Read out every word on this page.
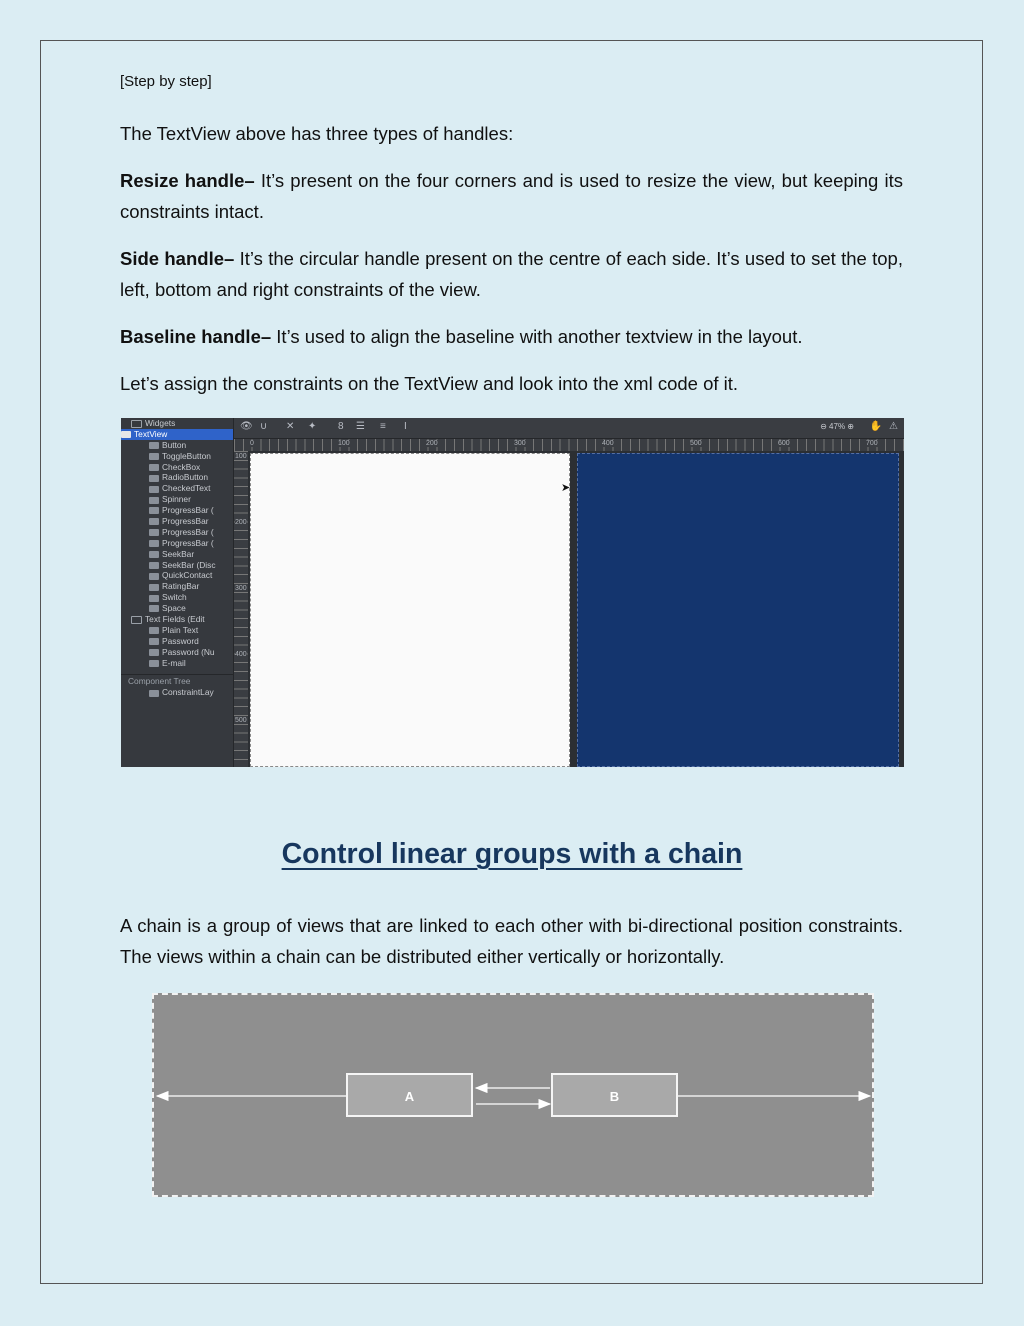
[Step by step]

The TextView above has three types of handles:

Resize handle– It’s present on the four corners and is used to resize the view, but keeping its constraints intact.

Side handle– It’s the circular handle present on the centre of each side. It’s used to set the top, left, bottom and right constraints of the view.

Baseline handle– It’s used to align the baseline with another textview in the layout.

Let’s assign the constraints on the TextView and look into the xml code of it.

Widgets
TextView
Button
ToggleButton
CheckBox
RadioButton
CheckedText
Spinner
ProgressBar (
ProgressBar
ProgressBar (
ProgressBar (
SeekBar
SeekBar (Disc
QuickContact
RatingBar
Switch
Space
Text Fields (Edit
Plain Text
Password
Password (Nu
E-mail
Component Tree
ConstraintLay
👁 ∪ ✕ ✦ 8 ☰ ≡ I	⊖ 47% ⊕ ✋ ⚠
0	100	200	300	400	500	600	700
100
200
300
400
500
➤
Control linear groups with a chain

A chain is a group of views that are linked to each other with bi-directional position constraints. The views within a chain can be distributed either vertically or horizontally.

A	B
